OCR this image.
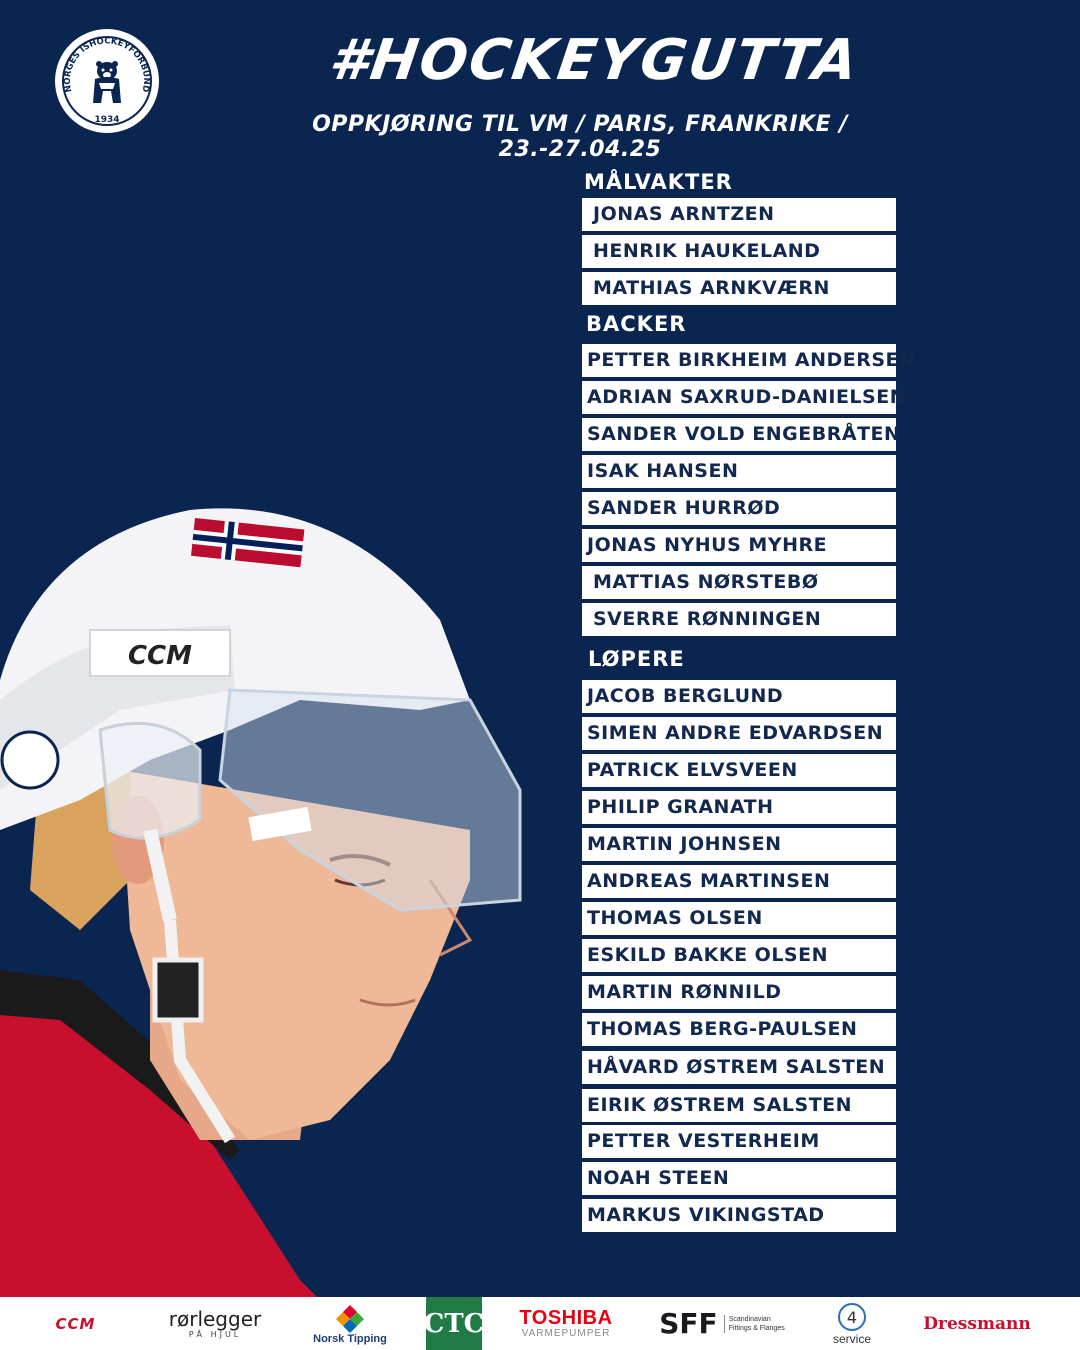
NORGES ISHOCKEYFORBUND
1934
#HOCKEYGUTTA
OPPKJØRING TIL VM / PARIS, FRANKRIKE / 23.-27.04.25
CCM
MÅLVAKTER
JONAS ARNTZEN
HENRIK HAUKELAND
MATHIAS ARNKVÆRN
BACKER
PETTER BIRKHEIM ANDERSEN
ADRIAN SAXRUD-DANIELSEN
SANDER VOLD ENGEBRÅTEN
ISAK HANSEN
SANDER HURRØD
JONAS NYHUS MYHRE
MATTIAS NØRSTEBØ
SVERRE RØNNINGEN
LØPERE
JACOB BERGLUND
SIMEN ANDRE EDVARDSEN
PATRICK ELVSVEEN
PHILIP GRANATH
MARTIN JOHNSEN
ANDREAS MARTINSEN
THOMAS OLSEN
ESKILD BAKKE OLSEN
MARTIN RØNNILD
THOMAS BERG-PAULSEN
HÅVARD ØSTREM SALSTEN
EIRIK ØSTREM SALSTEN
PETTER VESTERHEIM
NOAH STEEN
MARKUS VIKINGSTAD
CCM	rørlegger
PÅ HJUL	Norsk Tipping CTC TOSHIBA
VARMEPUMPER SFF	Scandinavian
Fittings & Flanges
4
service
Dressmann
